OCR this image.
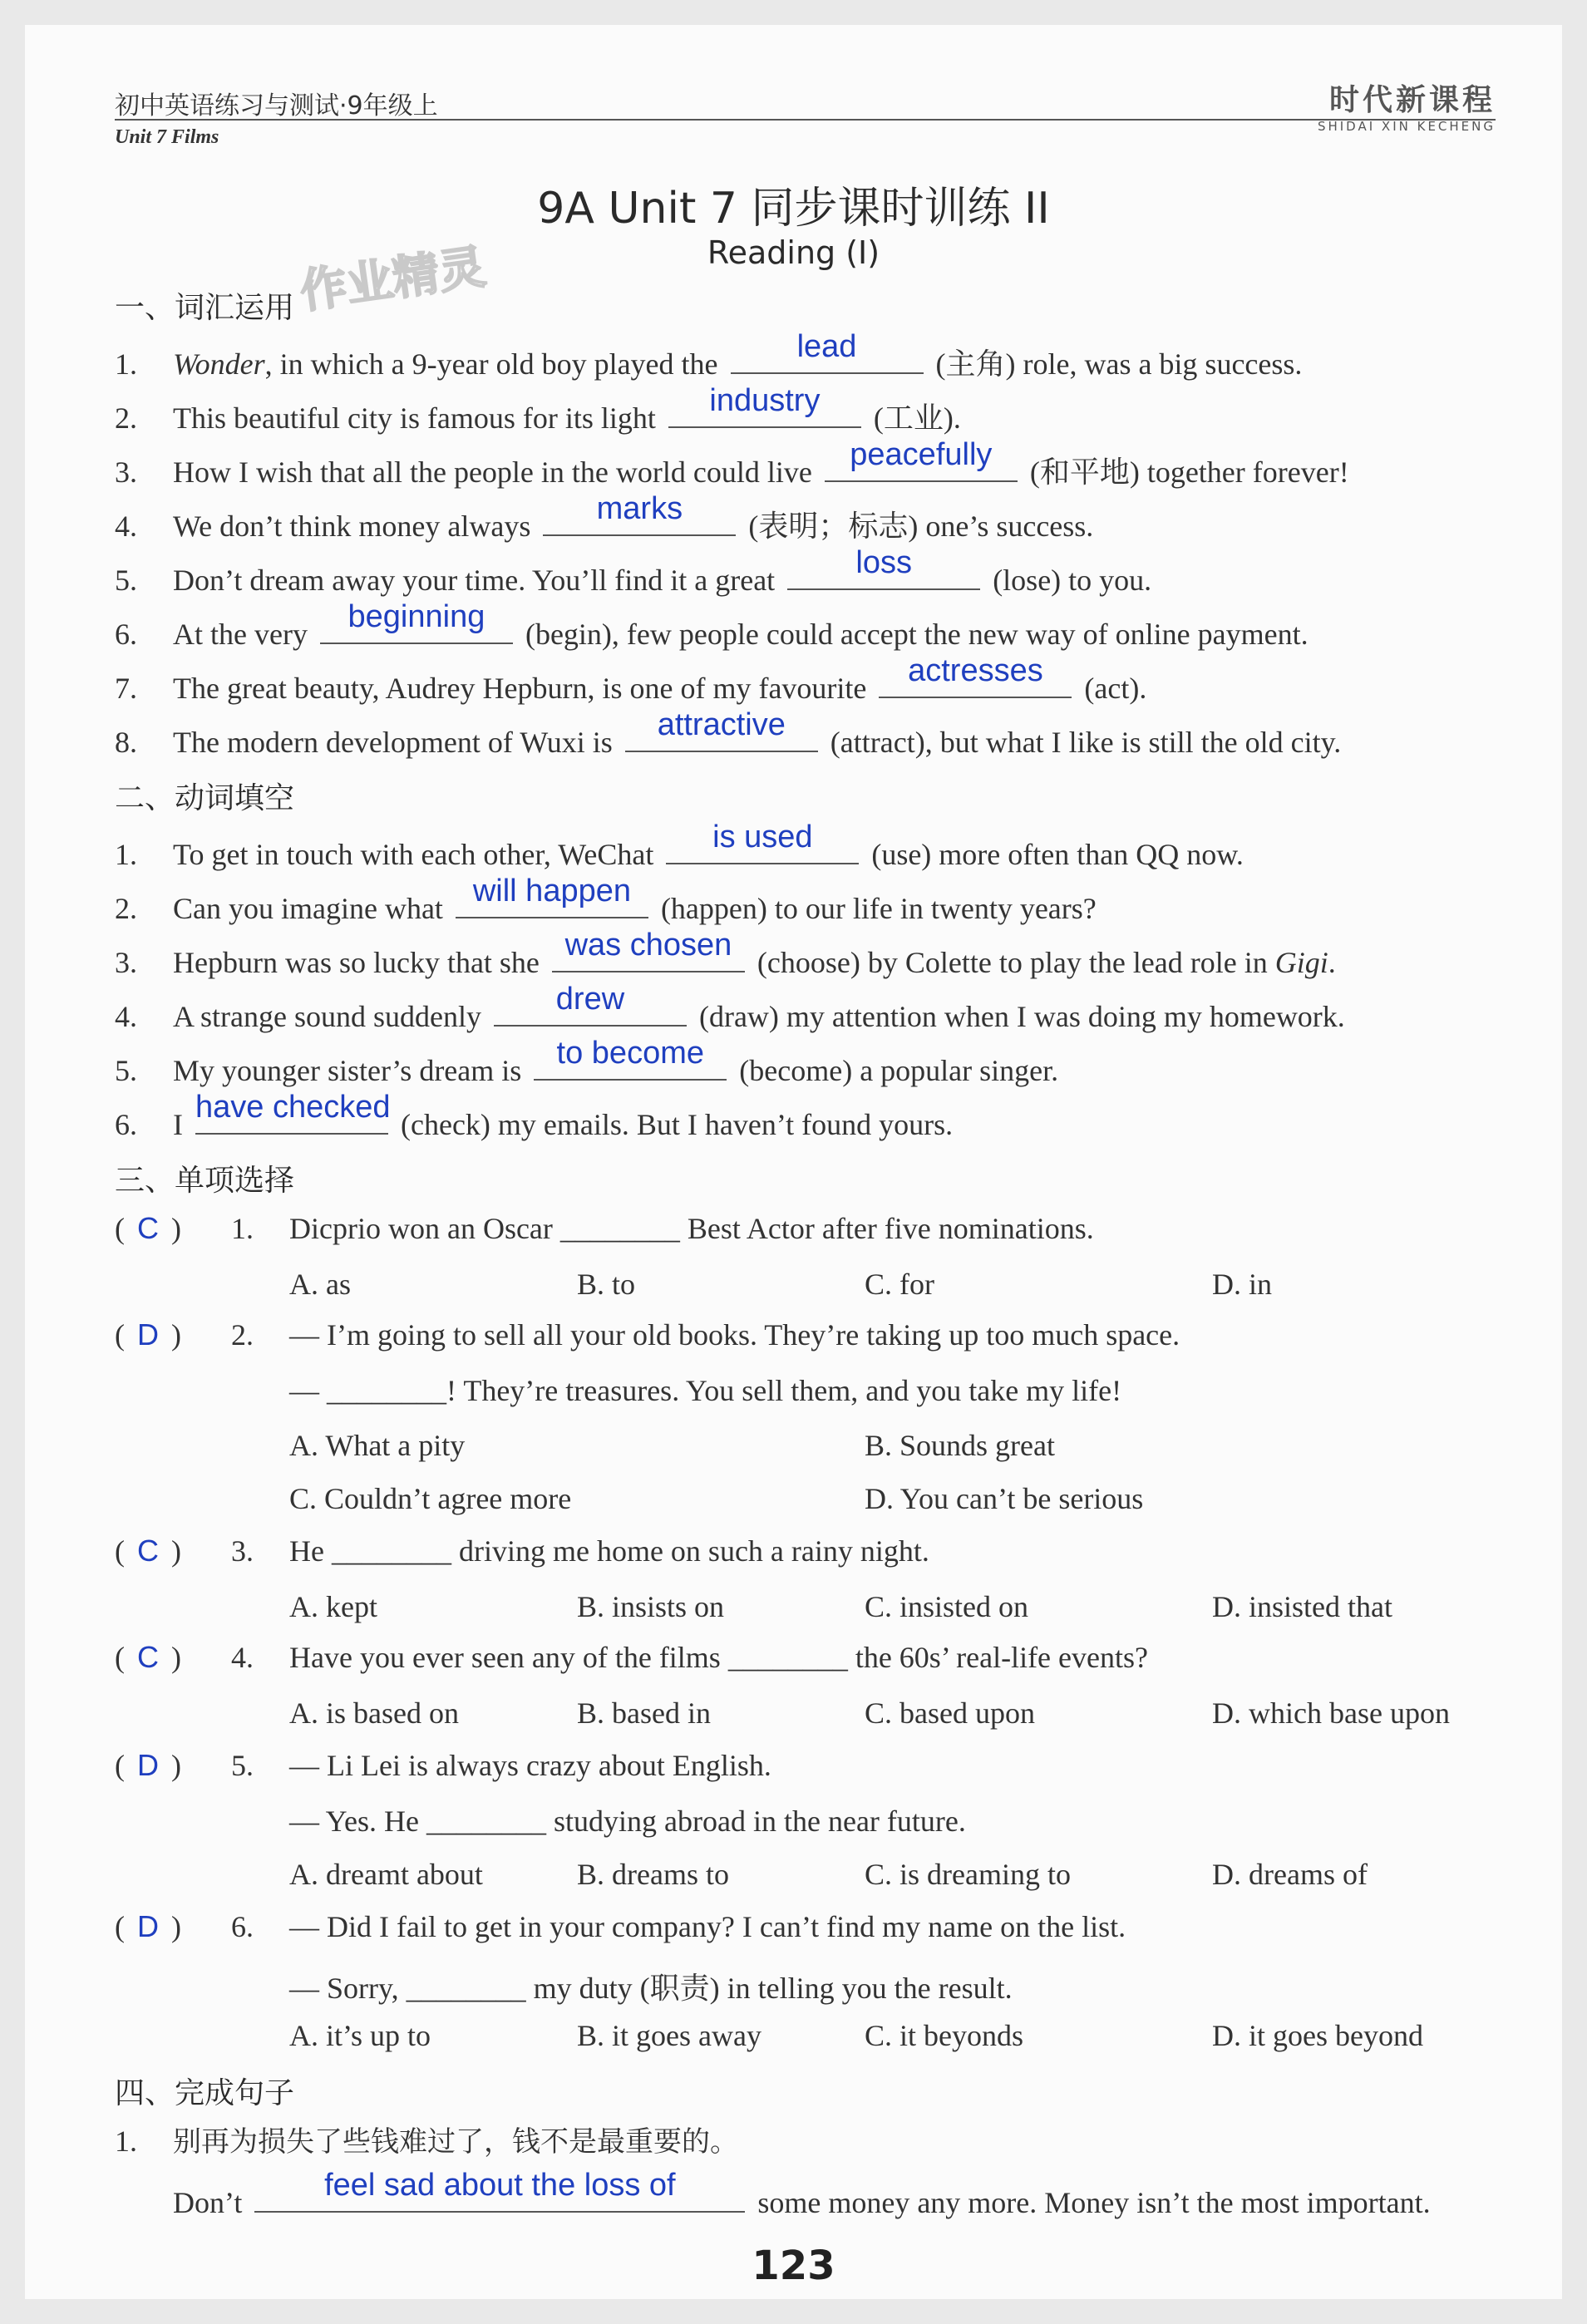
初中英语练习与测试·9年级上
Unit 7 Films
时代新课程
SHIDAI XIN KECHENG
9A Unit 7 同步课时训练 II
Reading (I)
作业精灵
一、词汇运用
1. Wonder, in which a 9-year old boy played the	lead	(主角) role, was a big success.
2. This beautiful city is famous for its light	industry	(工业).
3. How I wish that all the people in the world could live	peacefully	(和平地) together forever!
4. We don’t think money always	marks	(表明；标志) one’s success.
5. Don’t dream away your time. You’ll find it a great	loss	(lose) to you.
6. At the very	beginning	(begin), few people could accept the new way of online payment.
7. The great beauty, Audrey Hepburn, is one of my favourite	actresses	(act).
8. The modern development of Wuxi is	attractive	(attract), but what I like is still the old city.
二、动词填空
1. To get in touch with each other, WeChat	is used	(use) more often than QQ now.
2. Can you imagine what will happen (happen) to our life in twenty years?
3. Hepburn was so lucky that she was chosen (choose) by Colette to play the lead role in Gigi.
4. A strange sound suddenly	drew	(draw) my attention when I was doing my homework.
5. My younger sister’s dream is	to become	(become) a popular singer.
6. I have checked (check) my emails. But I haven’t found yours.
三、单项选择
( C ) 1. Dicprio won an Oscar ________ Best Actor after five nominations.
A. as	B. to	C. for	D. in
( D ) 2. — I’m going to sell all your old books. They’re taking up too much space.
— ________! They’re treasures. You sell them, and you take my life!
A. What a pity	B. Sounds great
C. Couldn’t agree more	D. You can’t be serious
( C ) 3. He ________ driving me home on such a rainy night.
A. kept	B. insists on	C. insisted on	D. insisted that
( C ) 4. Have you ever seen any of the films ________ the 60s’ real-life events?
A. is based on	B. based in	C. based upon	D. which base upon
( D ) 5. — Li Lei is always crazy about English.
— Yes. He ________ studying abroad in the near future.
A. dreamt about	B. dreams to	C. is dreaming to	D. dreams of
( D ) 6. — Did I fail to get in your company? I can’t find my name on the list.
— Sorry, ________ my duty (职责) in telling you the result.
A. it’s up to	B. it goes away	C. it beyonds	D. it goes beyond
四、完成句子
1. 别再为损失了些钱难过了，钱不是最重要的。
Don’t	feel sad about the loss of	some money any more. Money isn’t the most important.
123
